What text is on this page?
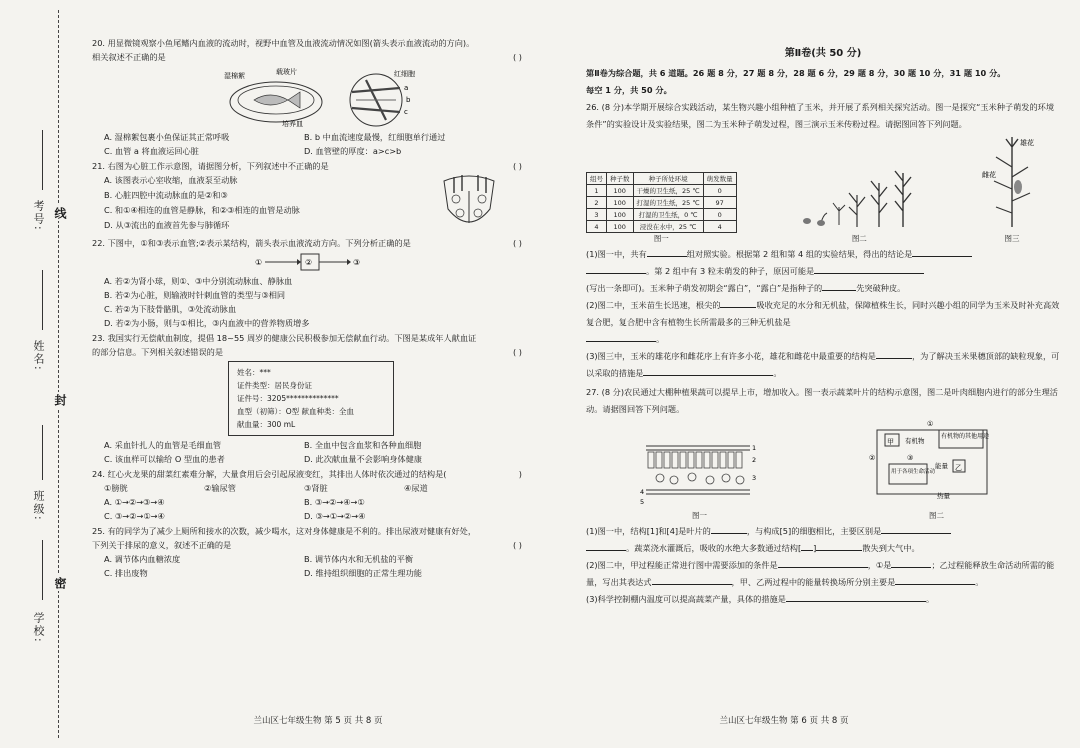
考号: 线
姓名:
封
班级:
密
学校:
20. 用显微镜观察小鱼尾鳍内血液的流动时，视野中血管及血液流动情况如图(箭头表示血液流动的方向)。相关叙述不正确的是	( )
湿棉絮	载玻片
培养皿
红细胞
a
b
c
A. 湿棉絮包裹小鱼保证其正常呼吸	B. b 中血流速度最慢，红细胞单行通过
C. 血管 a 将血液运回心脏	D. 血管壁的厚度：a>c>b
21. 右图为心脏工作示意图，请据图分析，下列叙述中不正确的是	( )
A. 该图表示心室收缩，血液泵至动脉
B. 心脏四腔中流动脉血的是②和③
C. 和①④相连的血管是静脉，和②③相连的血管是动脉
D. 从③流出的血液首先参与肺循环
22. 下图中，①和③表示血管;②表示某结构，箭头表示血液流动方向。下列分析正确的是	( )
①	②	③
A. 若②为肾小球，则①、③中分别流动脉血、静脉血
B. 若②为心脏，则输液时针刺血管的类型与③相同
C. 若②为下肢骨骼肌，③处流动脉血
D. 若②为小肠，则与①相比，③内血液中的营养物质增多
23. 我国实行无偿献血制度，提倡 18~55 周岁的健康公民积极参加无偿献血行动。下图是某成年人献血证的部分信息。下列相关叙述错误的是	( )
姓名：***
证件类型：居民身份证
证件号：3205**************
血型（初筛）：O型 献血种类：全血
献血量：300 mL
A. 采血针扎人的血管是毛细血管	B. 全血中包含血浆和各种血细胞
C. 该血样可以输给 O 型血的患者	D. 此次献血量不会影响身体健康
24. 红心火龙果的甜菜红素难分解，大量食用后会引起尿液变红，其排出人体时依次通过的结构是(	)
①膀胱	②输尿管	③肾脏	④尿道
A. ①→②→③→④	B. ③→②→④→①
C. ③→②→①→④	D. ③→①→②→④
25. 有的同学为了减少上厕所和接水的次数，减少喝水，这对身体健康是不利的。排出尿液对健康有好处，下列关于排尿的意义，叙述不正确的是	( )
A. 调节体内血糖浓度	B. 调节体内水和无机盐的平衡
C. 排出废物	D. 维持组织细胞的正常生理功能
兰山区七年级生物 第 5 页 共 8 页
第Ⅱ卷(共 50 分)
第Ⅱ卷为综合题，共 6 道题。26 题 8 分，27 题 8 分，28 题 6 分，29 题 8 分，30 题 10 分，31 题 10 分。
每空 1 分，共 50 分。
26. (8 分)本学期开展综合实践活动，某生物兴趣小组种植了玉米，并开展了系列相关探究活动。图一是探究“玉米种子萌发的环境条件”的实验设计及实验结果，图二为玉米种子萌发过程，图三演示玉米传粉过程。请据图回答下列问题。
组号	种子数	种子所处环境	萌发数量
1	100	干燥的卫生纸，25 ℃	0
2	100	打湿的卫生纸，25 ℃	97
3	100	打湿的卫生纸，0 ℃	0
4	100	浸没在水中，25 ℃	4
图一	图二
雄花
雌花
图三
(1)图一中，共有	组对照实验。根据第 2 组和第 4 组的实验结果，得出的结论是
。第 2 组中有 3 粒未萌发的种子，原因可能是
(写出一条即可)。玉米种子萌发初期会“露白”，“露白”是指种子的	先突破种皮。
(2)图二中，玉米苗生长迅速，根尖的	吸收充足的水分和无机盐，保障植株生长，同时兴趣小组的同学为玉米及时补充高效复合肥，复合肥中含有植物生长所需最多的三种无机盐是
。
(3)图三中，玉米的雄花序和雌花序上有许多小花，雄花和雌花中最重要的结构是	，为了解决玉米果穗顶部的缺粒现象，可以采取的措施是	。
27. (8 分)农民通过大棚种植果蔬可以提早上市，增加收入。图一表示蔬菜叶片的结构示意图，图二是叶肉细胞内进行的部分生理活动。请据图回答下列问题。
1
2
3
4
5
图一
甲 有机物
有机物的其他用途
能量 乙
热量
用于各项生命活动
①
②	③
图二
(1)图一中，结构[1]和[4]是叶片的	，与构成[5]的细胞相比，主要区别是
。蔬菜浇水灌溉后，吸收的水绝大多数通过结构[ ]	散失到大气中。
(2)图二中，甲过程能正常进行图中需要添加的条件是	，①是	；乙过程能释放生命活动所需的能量，写出其表达式	，甲、乙两过程中的能量转换场所分别主要是	。
(3)科学控制棚内温度可以提高蔬菜产量，具体的措施是	。
兰山区七年级生物 第 6 页 共 8 页
